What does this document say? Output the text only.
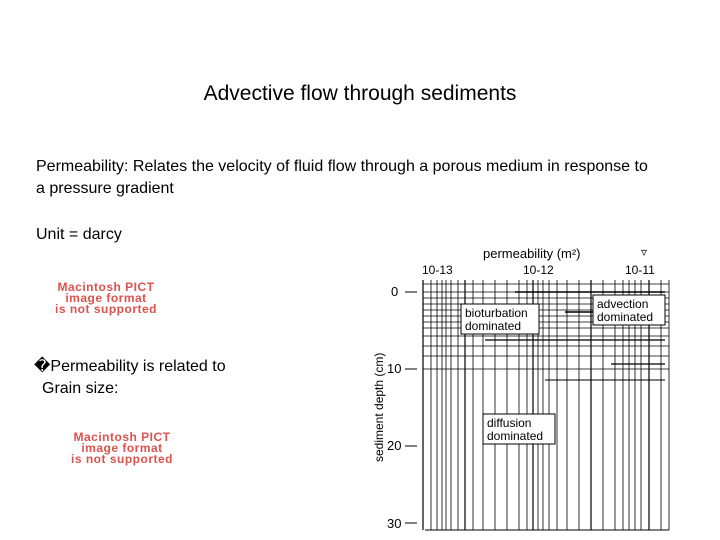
Advective flow through sediments
Permeability: Relates the velocity of fluid flow through a porous medium in response to a pressure gradient
Unit = darcy
Macintosh PICT
image format
is not supported
�Permeability is related to
Grain size:
Macintosh PICT
image format
is not supported
permeability (m²)	▿
10-13	10-12	10-11
sediment depth (cm)
0
10
20
30
bioturbation
dominated
advection
dominated
diffusion
dominated
